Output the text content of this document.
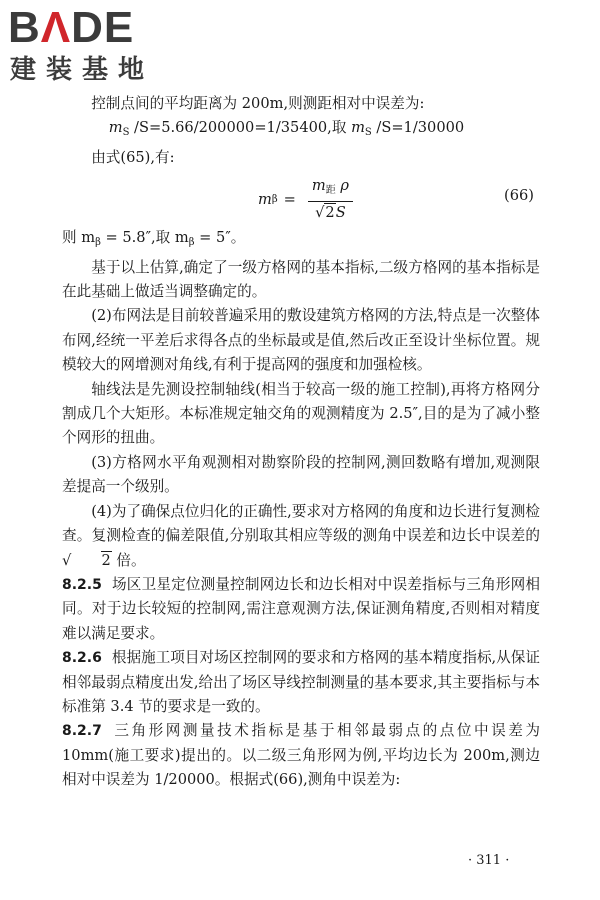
BΛDE
建装基地

控制点间的平均距离为 200m,则测距相对中误差为:

$m_S$ /S=5.66/200000=1/35400,取 $m_S$ /S=1/30000

由式(65),有:

m $\beta = \frac{m_距 \rho}{√2S}$	(66)

则 $m_\beta = 5.8''$,取 $m_\beta = 5''$。

基于以上估算,确定了一级方格网的基本指标,二级方格网的基本指标是在此基础上做适当调整确定的。

(2)布网法是目前较普遍采用的敷设建筑方格网的方法,特点是一次整体布网,经统一平差后求得各点的坐标最或是值,然后改正至设计坐标位置。规模较大的网增测对角线,有利于提高网的强度和加强检核。

轴线法是先测设控制轴线(相当于较高一级的施工控制),再将方格网分割成几个大矩形。本标准规定轴交角的观测精度为 2.5″,目的是为了减小整个网形的扭曲。

(3)方格网水平角观测相对勘察阶段的控制网,测回数略有增加,观测限差提高一个级别。

(4)为了确保点位归化的正确性,要求对方格网的角度和边长进行复测检查。复测检查的偏差限值,分别取其相应等级的测角中误差和边长中误差的 √ 2 倍。

8.2.5 场区卫星定位测量控制网边长和边长相对中误差指标与三角形网相同。对于边长较短的控制网,需注意观测方法,保证测角精度,否则相对精度难以满足要求。

8.2.6 根据施工项目对场区控制网的要求和方格网的基本精度指标,从保证相邻最弱点精度出发,给出了场区导线控制测量的基本要求,其主要指标与本标准第 3.4 节的要求是一致的。

8.2.7 三角形网测量技术指标是基于相邻最弱点的点位中误差为 10mm(施工要求)提出的。以二级三角形网为例,平均边长为 200m,测边相对中误差为 1/20000。根据式(66),测角中误差为:

· 311 ·
